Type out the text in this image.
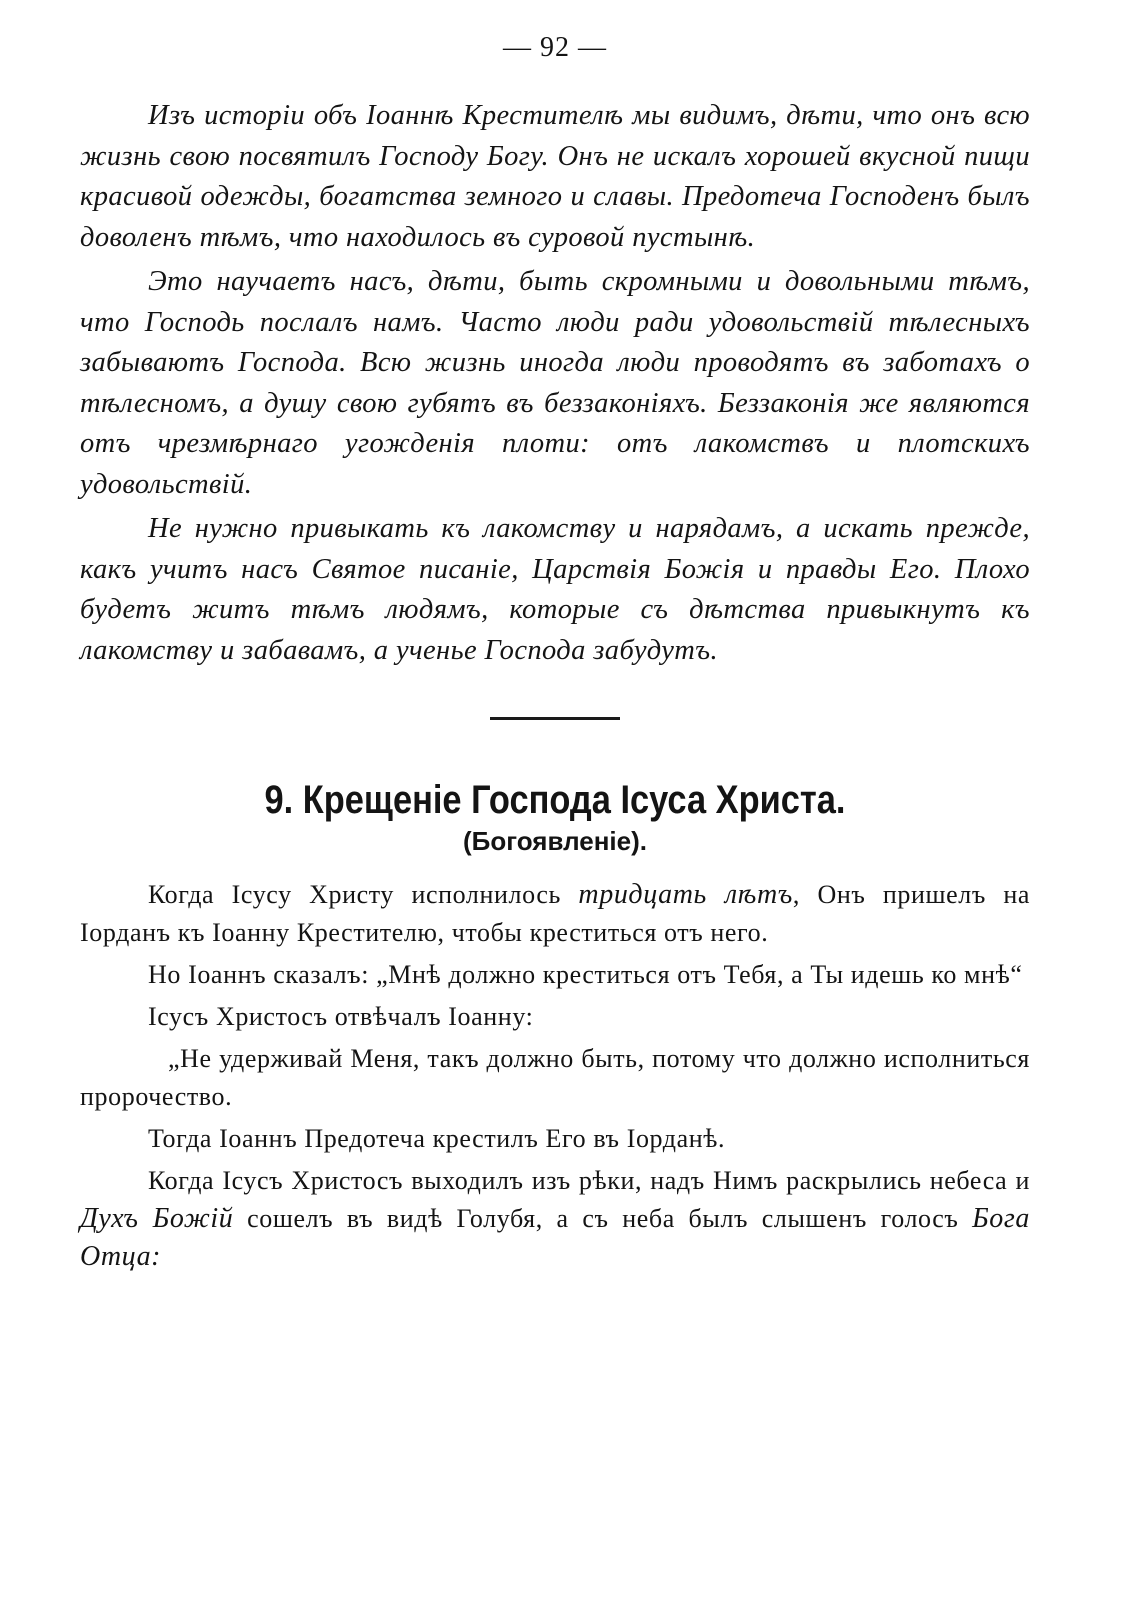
— 92 —

Изъ исторіи объ Іоаннѣ Крестителѣ мы видимъ, дѣти, что онъ всю жизнь свою посвятилъ Господу Богу. Онъ не искалъ хорошей вкусной пищи красивой одежды, богатства земного и славы. Предотеча Господенъ былъ доволенъ тѣмъ, что находилось въ суровой пустынѣ.

Это научаетъ насъ, дѣти, быть скромными и довольными тѣмъ, что Господь послалъ намъ. Часто люди ради удовольствій тѣлесныхъ забываютъ Господа. Всю жизнь иногда люди проводятъ въ заботахъ о тѣлесномъ, а душу свою губятъ въ беззаконіяхъ. Беззаконія же являются отъ чрезмѣрнаго угожденія плоти: отъ лакомствъ и плотскихъ удовольствій.

Не нужно привыкать къ лакомству и нарядамъ, а искать прежде, какъ учитъ насъ Святое писаніе, Царствія Божія и правды Его. Плохо будетъ житъ тѣмъ людямъ, которые съ дѣтства привыкнутъ къ лакомству и забавамъ, а ученье Господа забудутъ.

9. Крещеніе Господа Ісуса Христа.
(Богоявленіе).

Когда Ісусу Христу исполнилось тридцать лѣтъ, Онъ пришелъ на Іорданъ къ Іоанну Крестителю, чтобы креститься отъ него.

Но Іоаннъ сказалъ: „Мнѣ должно креститься отъ Тебя, а Ты идешь ко мнѣ“

Ісусъ Христосъ отвѣчалъ Іоанну:

„Не удерживай Меня, такъ должно быть, потому что должно исполниться пророчество.

Тогда Іоаннъ Предотеча крестилъ Его въ Іорданѣ.

Когда Ісусъ Христосъ выходилъ изъ рѣки, надъ Нимъ раскрылись небеса и Духъ Божій сошелъ въ видѣ Голубя, а съ неба былъ слышенъ голосъ Бога Отца:
